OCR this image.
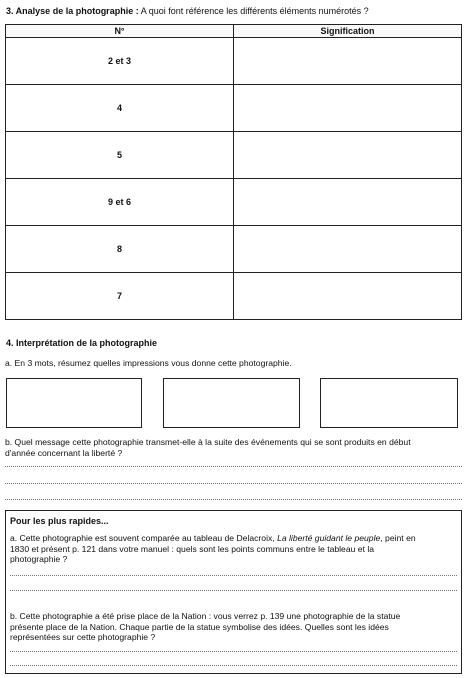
3. Analyse de la photographie : A quoi font référence les différents éléments numérotés ?
N°	Signification
2 et 3	
4	
5	
9 et 6	
8	
7	
4. Interprétation de la photographie
a. En 3 mots, résumez quelles impressions vous donne cette photographie.
b. Quel message cette photographie transmet-elle à la suite des événements qui se sont produits en début
d'année concernant la liberté ?
Pour les plus rapides...
a. Cette photographie est souvent comparée au tableau de Delacroix, La liberté guidant le peuple, peint en
1830 et présent p. 121 dans votre manuel : quels sont les points communs entre le tableau et la
photographie ?
b. Cette photographie a été prise place de la Nation : vous verrez p. 139 une photographie de la statue
présente place de la Nation. Chaque partie de la statue symbolise des idées. Quelles sont les idées
représentées sur cette photographie ?
